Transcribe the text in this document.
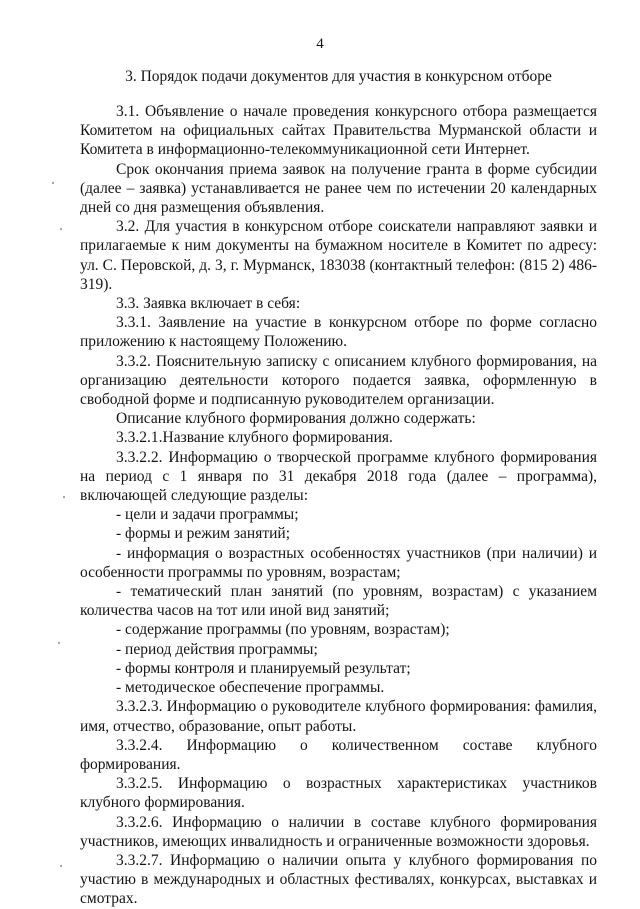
4
3. Порядок подачи документов для участия в конкурсном отборе

3.1. Объявление о начале проведения конкурсного отбора размещается Комитетом на официальных сайтах Правительства Мурманской области и Комитета в информационно-телекоммуникационной сети Интернет.

Срок окончания приема заявок на получение гранта в форме субсидии (далее – заявка) устанавливается не ранее чем по истечении 20 календарных дней со дня размещения объявления.

3.2. Для участия в конкурсном отборе соискатели направляют заявки и прилагаемые к ним документы на бумажном носителе в Комитет по адресу: ул. С. Перовской, д. 3, г. Мурманск, 183038 (контактный телефон: (815 2) 486-319).

3.3. Заявка включает в себя:

3.3.1. Заявление на участие в конкурсном отборе по форме согласно приложению к настоящему Положению.

3.3.2. Пояснительную записку с описанием клубного формирования, на организацию деятельности которого подается заявка, оформленную в свободной форме и подписанную руководителем организации.

Описание клубного формирования должно содержать:

3.3.2.1.Название клубного формирования.

3.3.2.2. Информацию о творческой программе клубного формирования на период с 1 января по 31 декабря 2018 года (далее – программа), включающей следующие разделы:

- цели и задачи программы;

- формы и режим занятий;

- информация о возрастных особенностях участников (при наличии) и особенности программы по уровням, возрастам;

- тематический план занятий (по уровням, возрастам) с указанием количества часов на тот или иной вид занятий;

- содержание программы (по уровням, возрастам);

- период действия программы;

- формы контроля и планируемый результат;

- методическое обеспечение программы.

3.3.2.3. Информацию о руководителе клубного формирования: фамилия, имя, отчество, образование, опыт работы.

3.3.2.4. Информацию о количественном составе клубного формирования.

3.3.2.5. Информацию о возрастных характеристиках участников клубного формирования.

3.3.2.6. Информацию о наличии в составе клубного формирования участников, имеющих инвалидность и ограниченные возможности здоровья.

3.3.2.7. Информацию о наличии опыта у клубного формирования по участию в международных и областных фестивалях, конкурсах, выставках и смотрах.
